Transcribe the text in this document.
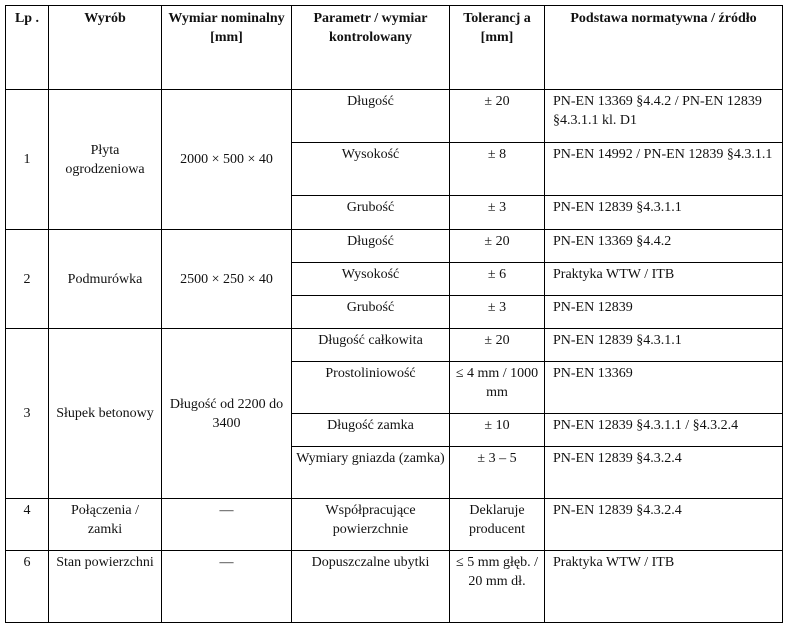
Lp .	Wyrób	Wymiar nominalny [mm]	Parametr / wymiar kontrolowany	Tolerancj a [mm]	Podstawa normatywna / źródło
1	Płyta ogrodzeniowa	2000 × 500 × 40	Długość	± 20	PN-EN 13369 §4.4.2 / PN-EN 12839 §4.3.1.1 kl. D1
			Wysokość	± 8	PN-EN 14992 / PN-EN 12839 §4.3.1.1
			Grubość	± 3	PN-EN 12839 §4.3.1.1
2	Podmurówka	2500 × 250 × 40	Długość	± 20	PN-EN 13369 §4.4.2
			Wysokość	± 6	Praktyka WTW / ITB
			Grubość	± 3	PN-EN 12839
3	Słupek betonowy	Długość od 2200 do 3400	Długość całkowita	± 20	PN-EN 12839 §4.3.1.1
			Prostoliniowość	≤ 4 mm / 1000 mm	PN-EN 13369
			Długość zamka	± 10	PN-EN 12839 §4.3.1.1 / §4.3.2.4
			Wymiary gniazda (zamka)	± 3 – 5	PN-EN 12839 §4.3.2.4
4	Połączenia / zamki	—	Współpracujące powierzchnie	Deklaruje producent	PN-EN 12839 §4.3.2.4
6	Stan powierzchni	—	Dopuszczalne ubytki	≤ 5 mm głęb. / 20 mm dł.	Praktyka WTW / ITB
